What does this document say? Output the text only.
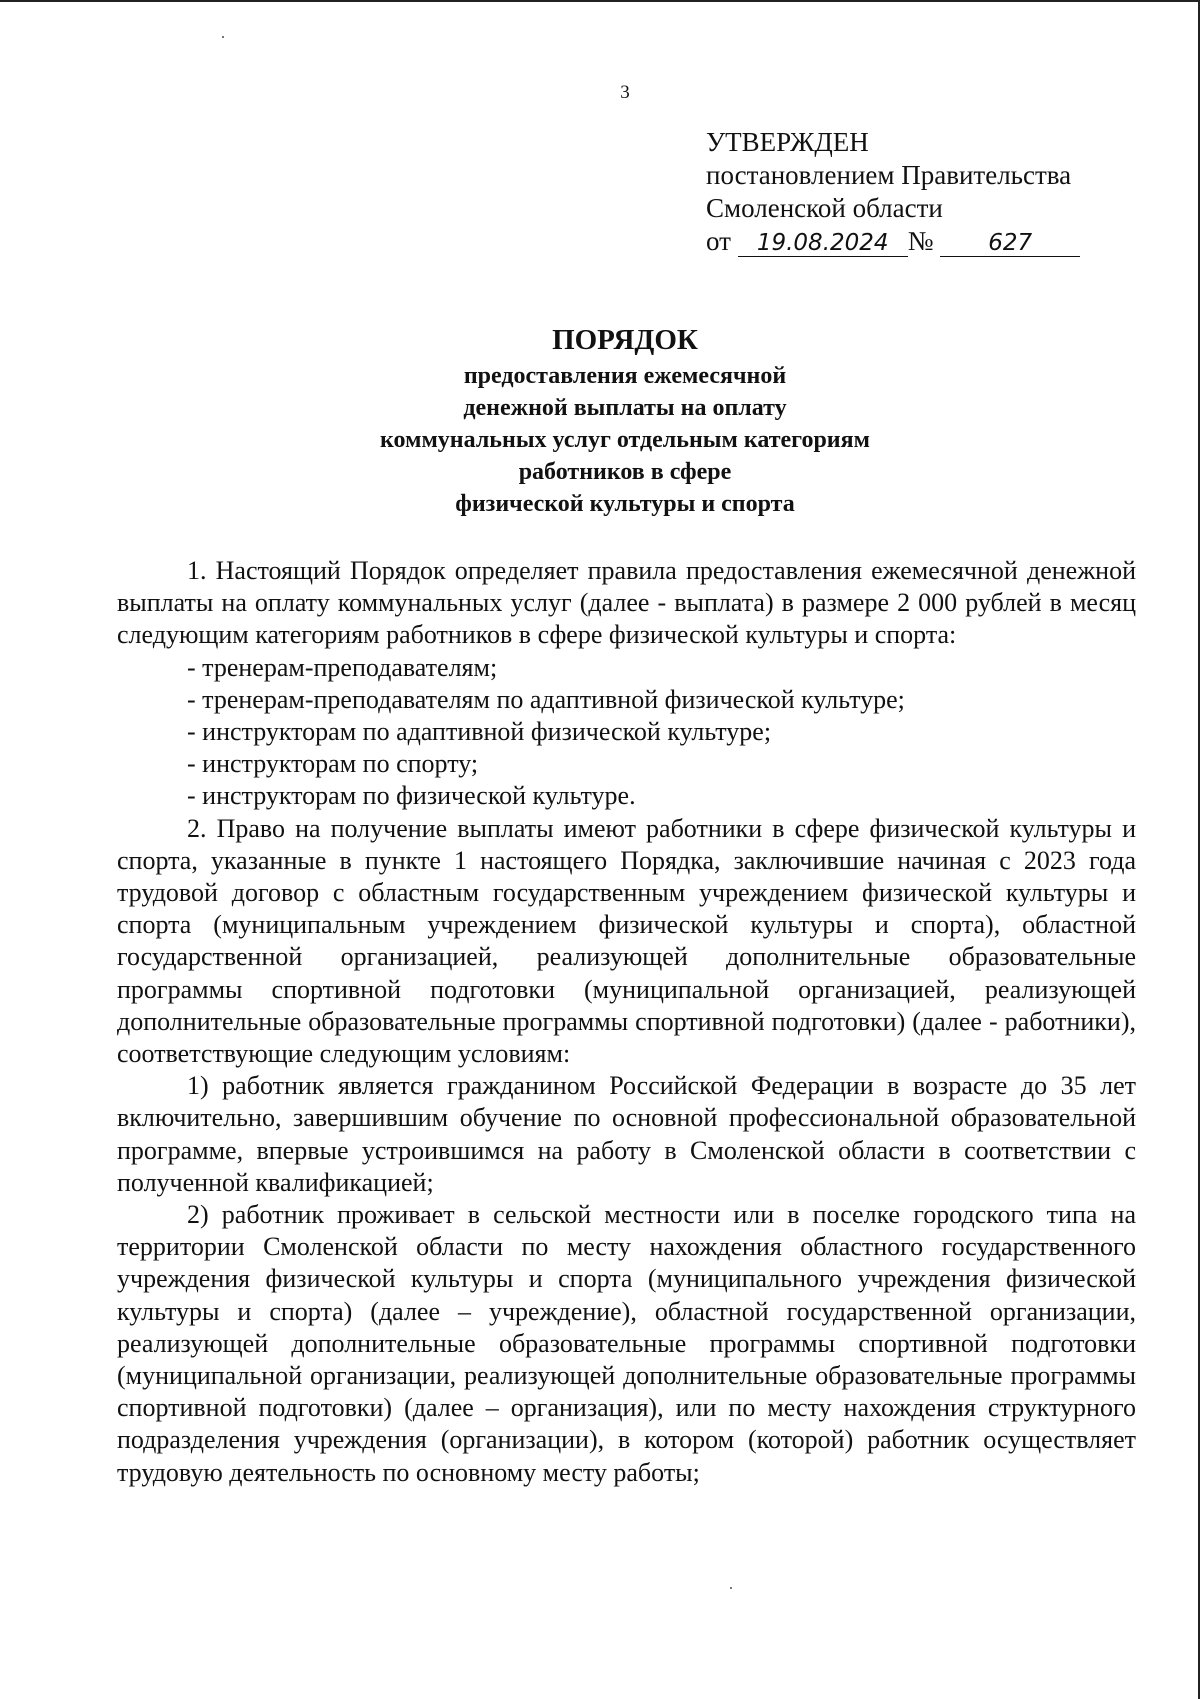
3
УТВЕРЖДЕН
постановлением Правительства
Смоленской области
от 19.08.2024 № 627
ПОРЯДОК
предоставления ежемесячной
денежной выплаты на оплату
коммунальных услуг отдельным категориям
работников в сфере
физической культуры и спорта

1. Настоящий Порядок определяет правила предоставления ежемесячной денежной выплаты на оплату коммунальных услуг (далее - выплата) в размере 2 000 рублей в месяц следующим категориям работников в сфере физической культуры и спорта:

- тренерам-преподавателям;

- тренерам-преподавателям по адаптивной физической культуре;

- инструкторам по адаптивной физической культуре;

- инструкторам по спорту;

- инструкторам по физической культуре.

2. Право на получение выплаты имеют работники в сфере физической культуры и спорта, указанные в пункте 1 настоящего Порядка, заключившие начиная с 2023 года трудовой договор с областным государственным учреждением физической культуры и спорта (муниципальным учреждением физической культуры и спорта), областной государственной организацией, реализующей дополнительные образовательные программы спортивной подготовки (муниципальной организацией, реализующей дополнительные образовательные программы спортивной подготовки) (далее - работники), соответствующие следующим условиям:

1) работник является гражданином Российской Федерации в возрасте до 35 лет включительно, завершившим обучение по основной профессиональной образовательной программе, впервые устроившимся на работу в Смоленской области в соответствии с полученной квалификацией;

2) работник проживает в сельской местности или в поселке городского типа на территории Смоленской области по месту нахождения областного государственного учреждения физической культуры и спорта (муниципального учреждения физической культуры и спорта) (далее – учреждение), областной государственной организации, реализующей дополнительные образовательные программы спортивной подготовки (муниципальной организации, реализующей дополнительные образовательные программы спортивной подготовки) (далее – организация), или по месту нахождения структурного подразделения учреждения (организации), в котором (которой) работник осуществляет трудовую деятельность по основному месту работы;
